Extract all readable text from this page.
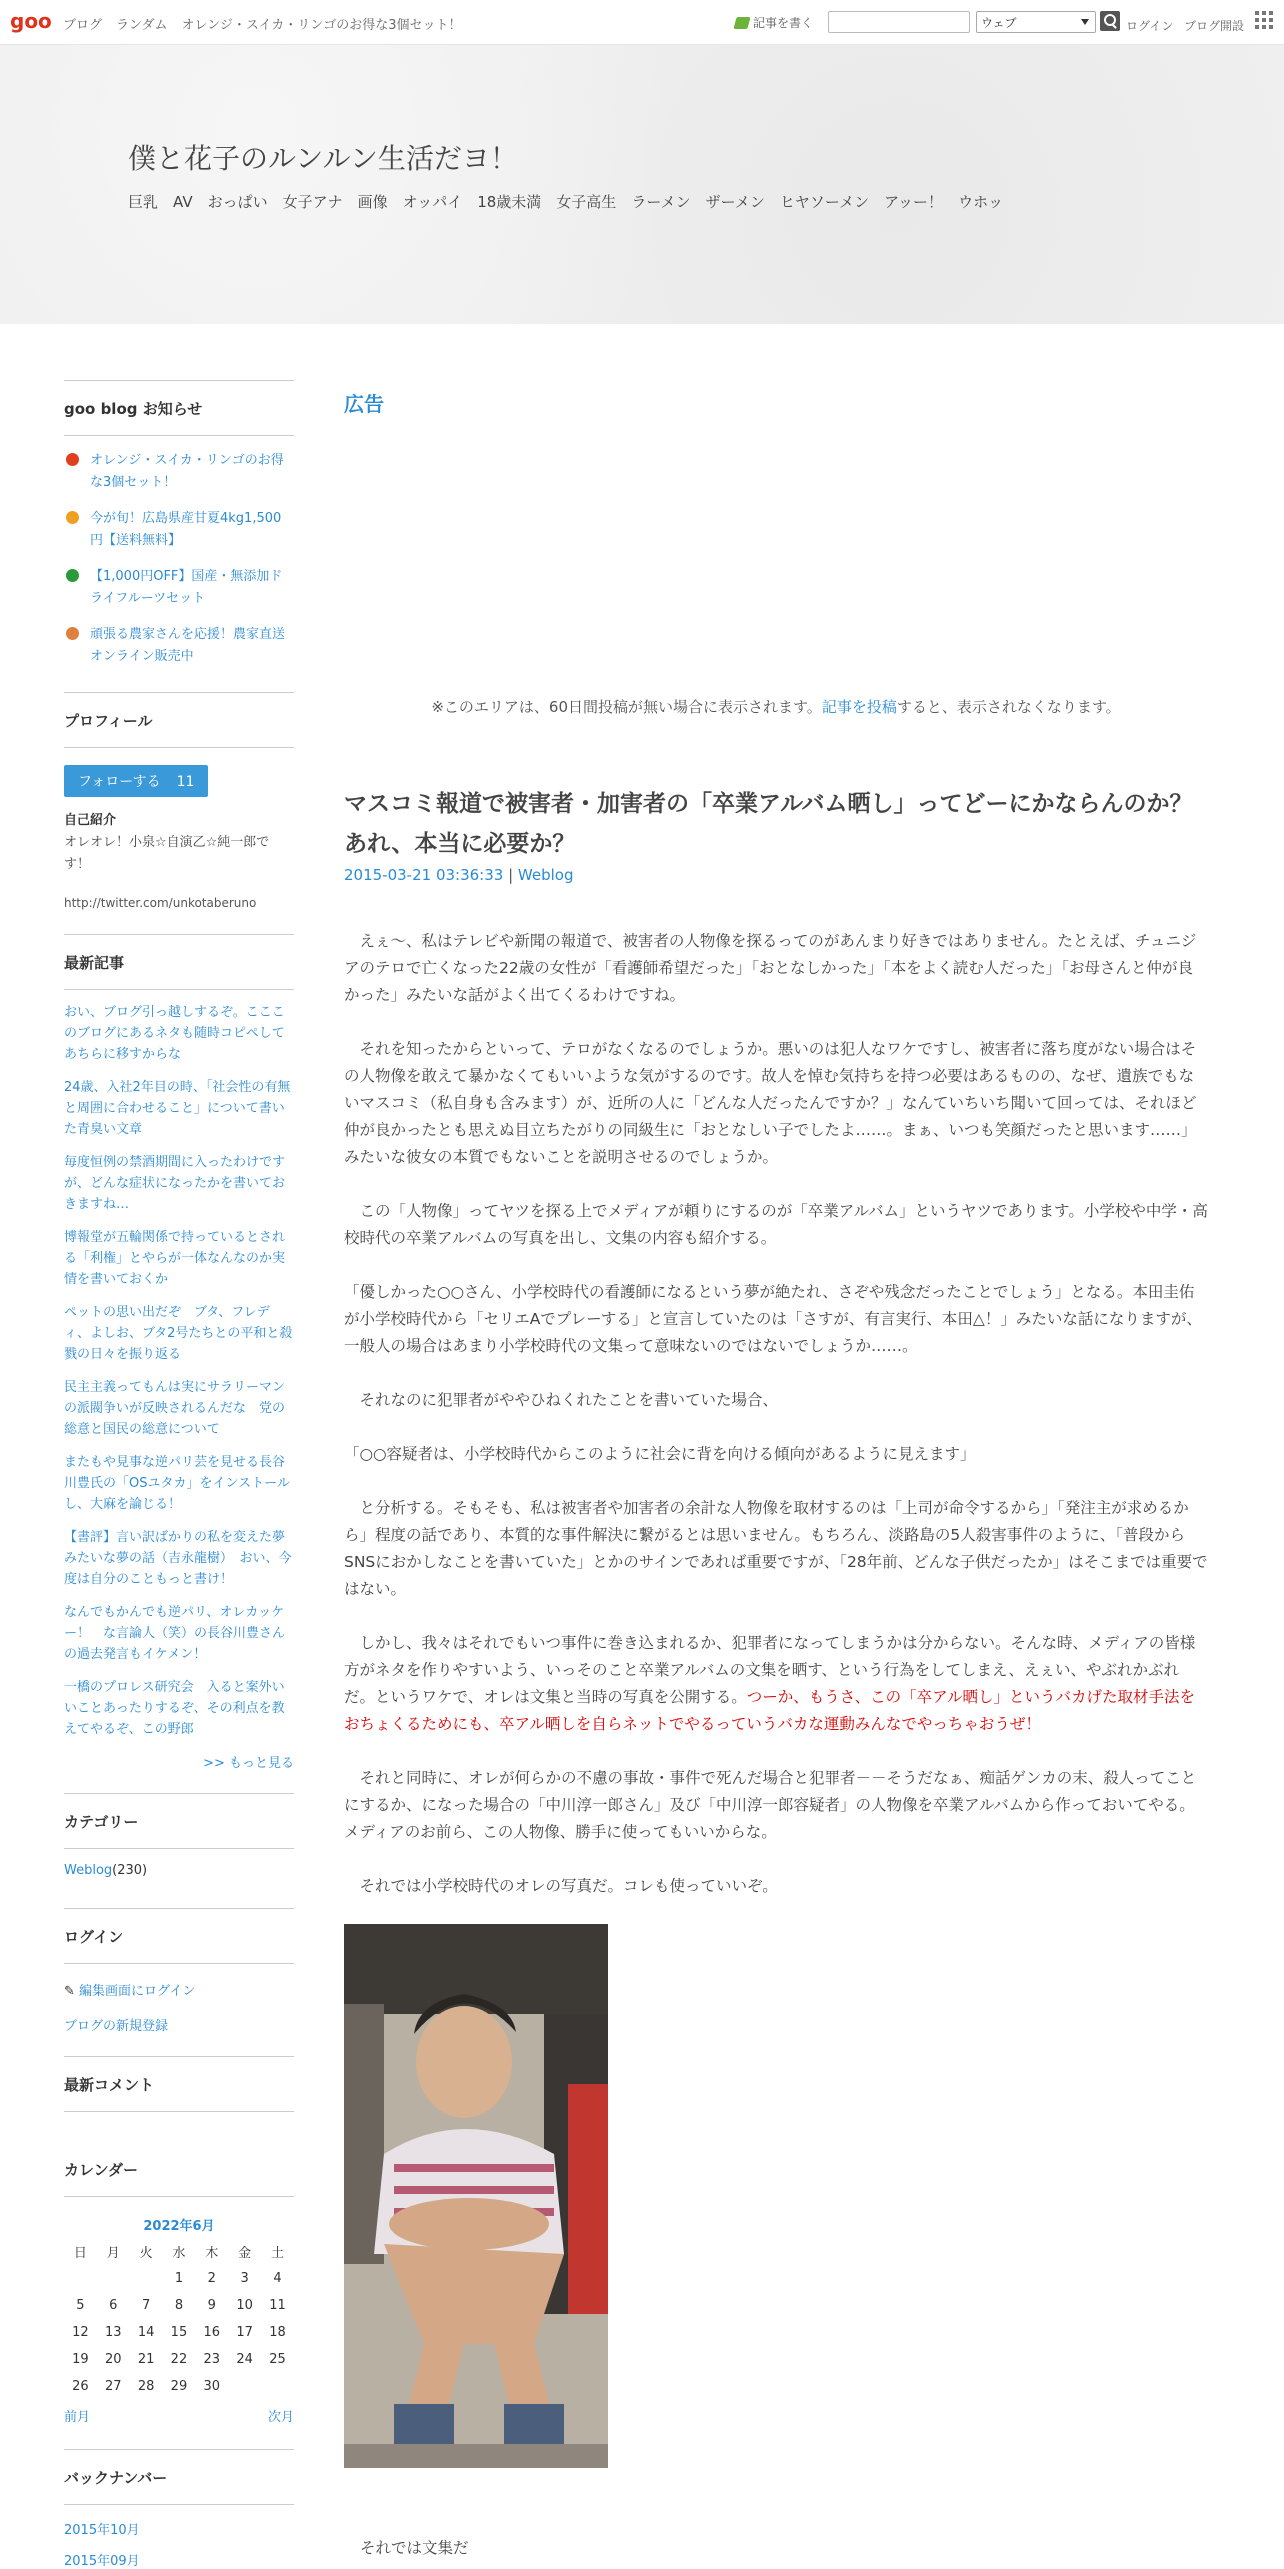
goo ブログ ランダム オレンジ・スイカ・リンゴのお得な3個セット！	記事を書く	ウェブ	ログイン ブログ開設
僕と花子のルンルン生活だヨ！
巨乳 AV おっぱい 女子アナ 画像 オッパイ 18歳未満 女子高生 ラーメン ザーメン ヒヤソーメン アッー！ ウホッ
goo blog お知らせ
オレンジ・スイカ・リンゴのお得な3個セット！
今が旬！広島県産甘夏4kg1,500円【送料無料】
【1,000円OFF】国産・無添加ドライフルーツセット
頑張る農家さんを応援！農家直送オンライン販売中
プロフィール
フォローする 11
自己紹介
オレオレ！小泉☆自演乙☆純一郎です！
http://twitter.com/unkotaberuno
最新記事
おい、ブログ引っ越しするぞ。こここのブログにあるネタも随時コピペしてあちらに移すからな
24歳、入社2年目の時、「社会性の有無と周囲に合わせること」について書いた青臭い文章
毎度恒例の禁酒期間に入ったわけですが、どんな症状になったかを書いておきますね…
博報堂が五輪関係で持っているとされる「利権」とやらが一体なんなのか実情を書いておくか
ペットの思い出だぞ　ブタ、フレディ、よしお、ブタ2号たちとの平和と殺戮の日々を振り返る
民主主義ってもんは実にサラリーマンの派閥争いが反映されるんだな　党の総意と国民の総意について
またもや見事な逆パリ芸を見せる長谷川豊氏の「OSユタカ」をインストールし、大麻を論じる！
【書評】言い訳ばかりの私を変えた夢みたいな夢の話（吉永龍樹）　おい、今度は自分のこともっと書け！
なんでもかんでも逆パリ、オレカッケー！　な言論人（笑）の長谷川豊さんの過去発言もイケメン！
一橋のプロレス研究会　入ると案外いいことあったりするぞ、その利点を教えてやるぞ、この野郎
>> もっと見る
カテゴリー
Weblog(230)
ログイン
✎ 編集画面にログイン
ブログの新規登録
最新コメント
カレンダー
2022年6月
日	月	火	水	木	金	土
			1	2	3	4
5	6	7	8	9	10	11
12	13	14	15	16	17	18
19	20	21	22	23	24	25
26	27	28	29	30		
前月	次月
バックナンバー
2015年10月
2015年09月
広告
※このエリアは、60日間投稿が無い場合に表示されます。記事を投稿すると、表示されなくなります。
マスコミ報道で被害者・加害者の「卒業アルバム晒し」ってどーにかならんのか？　あれ、本当に必要か？
2015-03-21 03:36:33 | Weblog

　えぇ～、私はテレビや新聞の報道で、被害者の人物像を探るってのがあんまり好きではありません。たとえば、チュニジアのテロで亡くなった22歳の女性が「看護師希望だった」「おとなしかった」「本をよく読む人だった」「お母さんと仲が良かった」みたいな話がよく出てくるわけですね。

　それを知ったからといって、テロがなくなるのでしょうか。悪いのは犯人なワケですし、被害者に落ち度がない場合はその人物像を敢えて暴かなくてもいいような気がするのです。故人を悼む気持ちを持つ必要はあるものの、なぜ、遺族でもないマスコミ（私自身も含みます）が、近所の人に「どんな人だったんですか？」なんていちいち聞いて回っては、それほど仲が良かったとも思えぬ目立ちたがりの同級生に「おとなしい子でしたよ……。まぁ、いつも笑顔だったと思います……」みたいな彼女の本質でもないことを説明させるのでしょうか。

　この「人物像」ってヤツを探る上でメディアが頼りにするのが「卒業アルバム」というヤツであります。小学校や中学・高校時代の卒業アルバムの写真を出し、文集の内容も紹介する。

「優しかった○○さん、小学校時代の看護師になるという夢が絶たれ、さぞや残念だったことでしょう」となる。本田圭佑が小学校時代から「セリエAでプレーする」と宣言していたのは「さすが、有言実行、本田△！」みたいな話になりますが、一般人の場合はあまり小学校時代の文集って意味ないのではないでしょうか……。

　それなのに犯罪者がややひねくれたことを書いていた場合、

「○○容疑者は、小学校時代からこのように社会に背を向ける傾向があるように見えます」

　と分析する。そもそも、私は被害者や加害者の余計な人物像を取材するのは「上司が命令するから」「発注主が求めるから」程度の話であり、本質的な事件解決に繋がるとは思いません。もちろん、淡路島の5人殺害事件のように、「普段からSNSにおかしなことを書いていた」とかのサインであれば重要ですが、「28年前、どんな子供だったか」はそこまでは重要ではない。

　しかし、我々はそれでもいつ事件に巻き込まれるか、犯罪者になってしまうかは分からない。そんな時、メディアの皆様方がネタを作りやすいよう、いっそのこと卒業アルバムの文集を晒す、という行為をしてしまえ、えぇい、やぶれかぶれだ。というワケで、オレは文集と当時の写真を公開する。つーか、もうさ、この「卒アル晒し」というバカげた取材手法をおちょくるためにも、卒アル晒しを自らネットでやるっていうバカな運動みんなでやっちゃおうぜ！

　それと同時に、オレが何らかの不慮の事故・事件で死んだ場合と犯罪者－－そうだなぁ、痴話ゲンカの末、殺人ってことにするか、になった場合の「中川淳一郎さん」及び「中川淳一郎容疑者」の人物像を卒業アルバムから作っておいてやる。メディアのお前ら、この人物像、勝手に使ってもいいからな。

　それでは小学校時代のオレの写真だ。コレも使っていいぞ。

それでは文集だ
